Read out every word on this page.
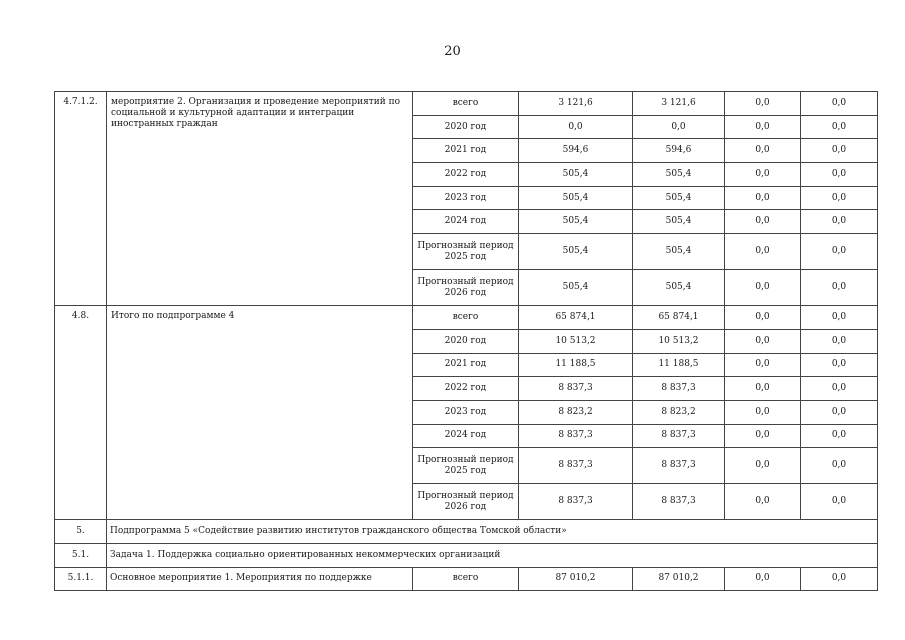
20
4.7.1.2.	мероприятие 2. Организация и проведение мероприятий по социальной и культурной адаптации и интеграции иностранных граждан	всего	3 121,6	3 121,6	0,0	0,0
		2020 год	0,0	0,0	0,0	0,0
		2021 год	594,6	594,6	0,0	0,0
		2022 год	505,4	505,4	0,0	0,0
		2023 год	505,4	505,4	0,0	0,0
		2024 год	505,4	505,4	0,0	0,0
		Прогнозный период 2025 год	505,4	505,4	0,0	0,0
		Прогнозный период 2026 год	505,4	505,4	0,0	0,0
4.8.	Итого по подпрограмме 4	всего	65 874,1	65 874,1	0,0	0,0
		2020 год	10 513,2	10 513,2	0,0	0,0
		2021 год	11 188,5	11 188,5	0,0	0,0
		2022 год	8 837,3	8 837,3	0,0	0,0
		2023 год	8 823,2	8 823,2	0,0	0,0
		2024 год	8 837,3	8 837,3	0,0	0,0
		Прогнозный период 2025 год	8 837,3	8 837,3	0,0	0,0
		Прогнозный период 2026 год	8 837,3	8 837,3	0,0	0,0
5.	Подпрограмма 5 «Содействие развитию институтов гражданского общества Томской области»					
5.1.	Задача 1. Поддержка социально ориентированных некоммерческих организаций					
5.1.1.	Основное мероприятие 1. Мероприятия по поддержке	всего	87 010,2	87 010,2	0,0	0,0
